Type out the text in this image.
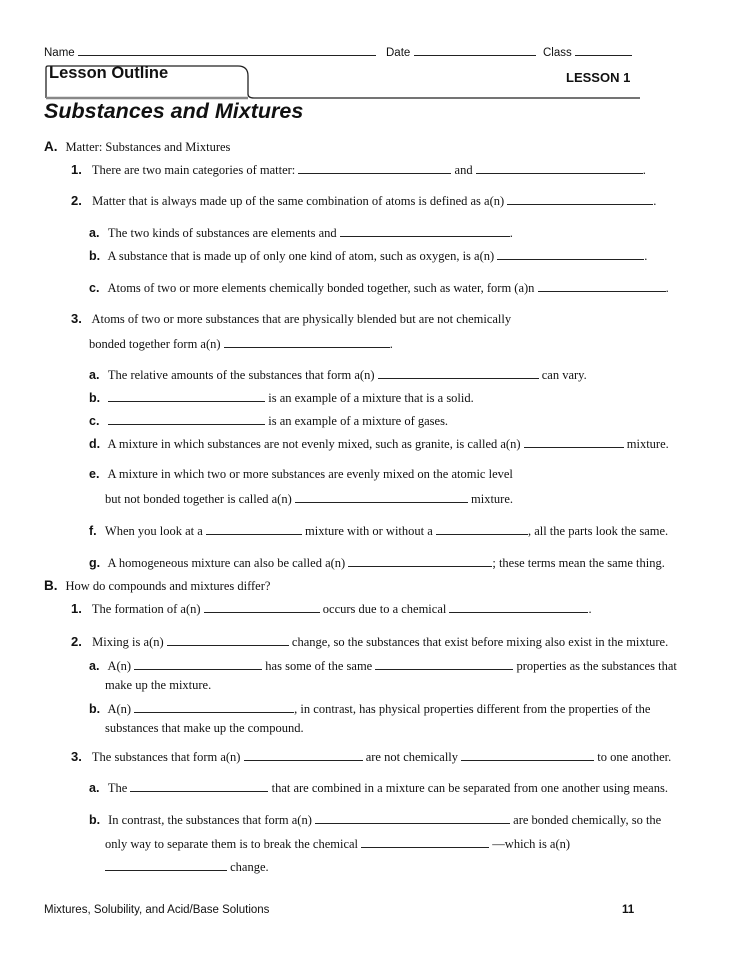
Name	Date	Class
Lesson Outline	LESSON 1
Substances and Mixtures
A. Matter: Substances and Mixtures
1. There are two main categories of matter:	and	.
2. Matter that is always made up of the same combination of atoms is defined as a(n)	.
a. The two kinds of substances are elements and	.
b. A substance that is made up of only one kind of atom, such as oxygen, is a(n)	.
c. Atoms of two or more elements chemically bonded together, such as water, form (a)n	.
3. Atoms of two or more substances that are physically blended but are not chemically
bonded together form a(n)	.
a. The relative amounts of the substances that form a(n)	can vary.
b.	is an example of a mixture that is a solid.
c.	is an example of a mixture of gases.
d. A mixture in which substances are not evenly mixed, such as granite, is called a(n)	mixture.
e. A mixture in which two or more substances are evenly mixed on the atomic level
but not bonded together is called a(n)	mixture.
f. When you look at a	mixture with or without a	, all the parts look the same.
g. A homogeneous mixture can also be called a(n)	; these terms mean the same thing.
B. How do compounds and mixtures differ?
1. The formation of a(n)	occurs due to a chemical	.
2. Mixing is a(n)	change, so the substances that exist before mixing also exist in the mixture.
a. A(n)	has some of the same	properties as the substances that
make up the mixture.
b. A(n)	, in contrast, has physical properties different from the properties of the
substances that make up the compound.
3. The substances that form a(n)	are not chemically	to one another.
a. The	that are combined in a mixture can be separated from one another using means.
b. In contrast, the substances that form a(n)	are bonded chemically, so the
only way to separate them is to break the chemical	—which is a(n)
change.
Mixtures, Solubility, and Acid/Base Solutions	11
